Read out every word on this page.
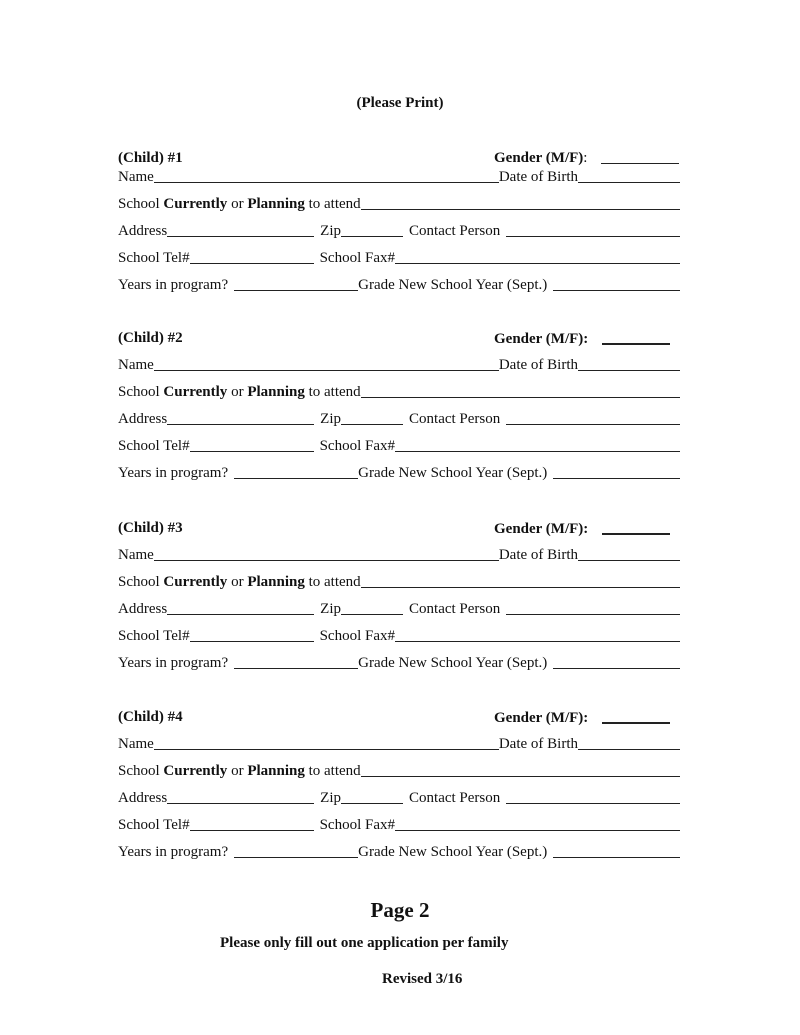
(Please Print)
(Child) #1	Gender (M/F) :
Name	Date of Birth
School Currently or Planning to attend
Address	Zip	Contact Person
School Tel#	School Fax#
Years in program?	Grade New School Year (Sept.)
(Child) #2	Gender (M/F):
Name	Date of Birth
School Currently or Planning to attend
Address	Zip	Contact Person
School Tel#	School Fax#
Years in program?	Grade New School Year (Sept.)
(Child) #3	Gender (M/F):
Name	Date of Birth
School Currently or Planning to attend
Address	Zip	Contact Person
School Tel#	School Fax#
Years in program?	Grade New School Year (Sept.)
(Child) #4	Gender (M/F):
Name	Date of Birth
School Currently or Planning to attend
Address	Zip	Contact Person
School Tel#	School Fax#
Years in program?	Grade New School Year (Sept.)
Page 2
Please only fill out one application per family
Revised 3/16
